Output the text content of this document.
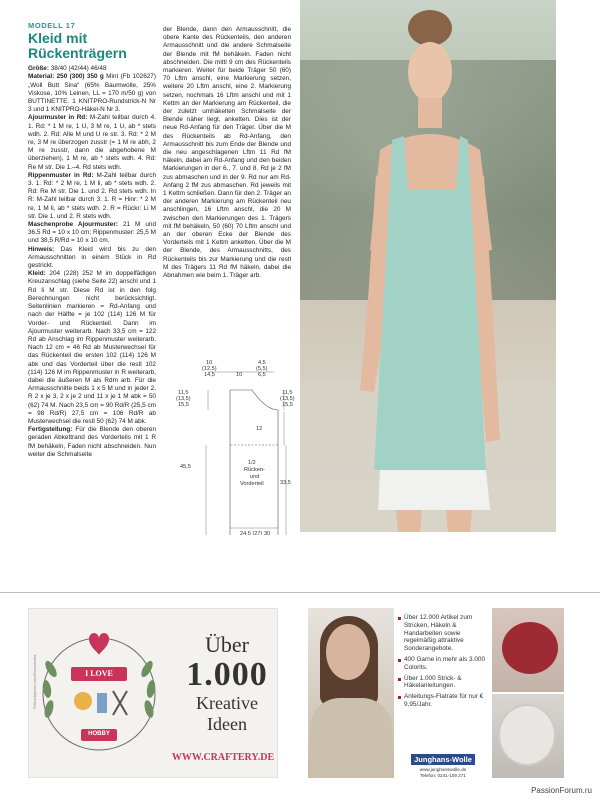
MODELL 17
Kleid mit
Rückenträgern

Größe: 38/40 (42/44) 46/48

Material: 250 (300) 350 g Mint (Fb 102627) „Woll Butt Sina“ (65% Baumwolle, 25% Viskose, 10% Leinen, LL = 170 m/50 g) von BUTTINETTE. 1 KNITPRO-Rundstrick-N Nr 3 und 1 KNITPRO-Häkel-N Nr 3.

Ajourmuster in Rd: M-Zahl teilbar durch 4. 1. Rd: * 1 M re, 1 U, 3 M re, 1 U, ab * stets wdh. 2. Rd: Alle M und U re str. 3. Rd: * 2 M re, 3 M re überzogen zusstr (= 1 M re abh, 2 M re zusstr, dann die abgehobene M überziehen), 1 M re, ab * stets wdh. 4. Rd: Re M str. Die 1.–4. Rd stets wdh.

Rippenmuster in Rd: M-Zahl teilbar durch 3. 1. Rd: * 2 M re, 1 M li, ab * stets wdh. 2. Rd: Re M str. Die 1. und 2. Rd stets wdh. In R: M-Zahl teilbar durch 3. 1. R = Hinr: * 2 M re, 1 M li, ab * stets wdh. 2. R = Rückr: Li M str. Die 1. und 2. R stets wdh.

Maschenprobe Ajourmuster: 21 M und 36,5 Rd = 10 x 10 cm; Rippenmuster: 25,5 M und 38,5 R/Rd = 10 x 10 cm.

Hinweis: Das Kleid wird bis zu den Armausschnitten in einem Stück in Rd gestrickt.

Kleid: 204 (228) 252 M im doppelfädigen Kreuzanschlag (siehe Seite 22) anschl und 1 Rd li M str. Diese Rd ist in den folg Berechnungen nicht berücksichtigt. Seitenlinien markieren = Rd-Anfang und nach der Hälfte = je 102 (114) 126 M für Vorder- und Rückenteil. Dann im Ajourmuster weiterarb. Nach 33,5 cm = 122 Rd ab Anschlag im Rippenmuster weiterarb. Nach 12 cm = 46 Rd ab Musterwechsel für das Rückenteil die ersten 102 (114) 126 M abk und das Vorderteil über die restl 102 (114) 126 M im Rippenmuster in R weiterarb, dabei die äußeren M als Rdm arb. Für die Armausschnitte beids 1 x 5 M und in jeder 2. R 2 x je 3, 2 x je 2 und 11 x je 1 M abk = 50 (62) 74 M. Nach 23,5 cm = 90 Rd/R (25,5 cm = 98 Rd/R) 27,5 cm = 106 Rd/R ab Musterwechsel die restl 50 (62) 74 M abk.

Fertigstellung: Für die Blende den oberen geraden Abkettrand des Vorderteils mit 1 R fM behäkeln, Faden nicht abschneiden. Nun weiter die Schmalseite

der Blende, dann den Armausschnitt, die obere Kante des Rückenteils, den anderen Armausschnitt und die andere Schmalseite der Blende mit fM behäkeln. Faden nicht abschneiden. Die mittl 9 cm des Rückenteils markieren. Weiter für beide Träger 50 (60) 70 Lftm anschl, eine Markierung setzen, weitere 20 Lftm anschl, eine 2. Markierung setzen, nochmals 16 Lftm anschl und mit 1 Kettm an der Markierung am Rückenteil, die der zuletzt umhäkelten Schmalseite der Blende näher liegt, anketten. Dies ist der neue Rd-Anfang für den Träger. Über die M des Rückenteils ab Rd-Anfang, den Armausschnitt bis zum Ende der Blende und die neu angeschlagenen Lftm 11 Rd fM häkeln, dabei am Rd-Anfang und den beiden Markierungen in der 6., 7. und 8. Rd je 2 fM zus abmaschen und in der 9. Rd nur am Rd-Anfang 2 fM zus abmaschen. Rd jeweils mit 1 Kettm schließen. Dann für den 2. Träger an der anderen Markierung am Rückenteil neu anschlingen, 16 Lftm anschl, die 20 M zwischen den Markierungen des 1. Trägers mit fM behäkeln, 50 (60) 70 Lftm anschl und an der oberen Ecke der Blende des Vorderteils mit 1 Kettm anketten. Über die M der Blende, des Armausschnitts, des Rückenteils bis zur Markierung und die restl M des Trägers 11 Rd fM häkeln, dabei die Abnahmen wie beim 1. Träger arb.

10
(12,5)
14,5	10
4,5
(5,5)
6,5
11,5
(13,5)
15,5
11,5
(13,5)
15,5
12
45,5
33,5
1/2
Rücken-
und
Vorderteil
24,5 (27) 30
I LOVE
HOBBY
©iStockphoto.com/Denmaid/ra
Über
1.000
Kreative
Ideen
WWW.CRAFTERY.DE
Über 12.000 Artikel zum Stricken, Häkeln & Handarbeiten sowie regelmäßig attraktive Sonderangebote.
400 Garne in mehr als 3.000 Colorits.
Über 1.000 Strick- & Häkelanleitungen.
Anleitungs-Flatrate für nur € 9,95/Jahr.
Junghans-Wolle
www.junghanswolle.de
Telefon: 0241-109 271
PassionForum.ru
